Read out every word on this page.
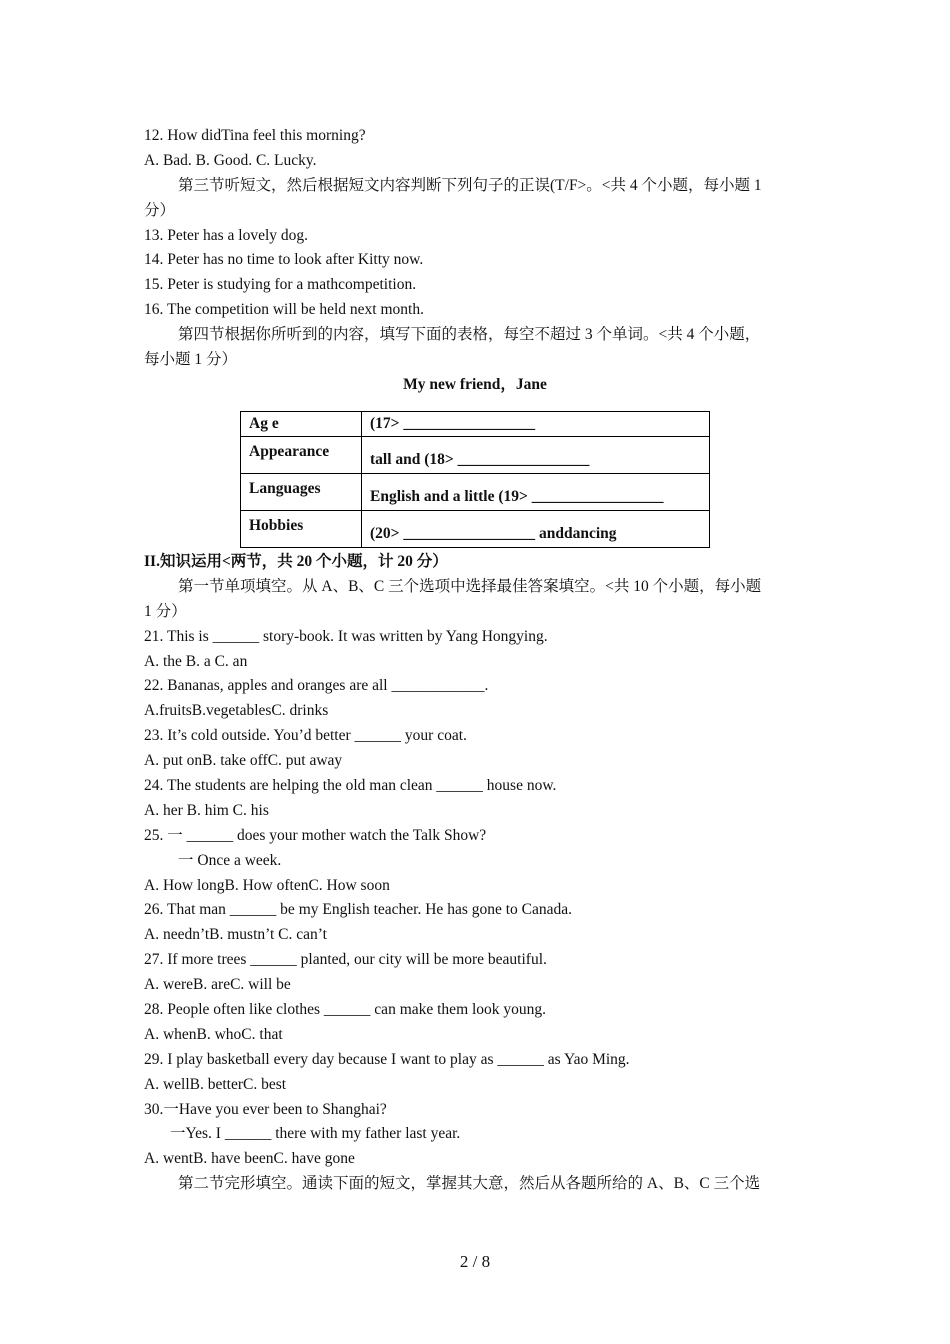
12. How didTina feel this morning?
A. Bad. B. Good. C. Lucky.
第三节听短文，然后根据短文内容判断下列句子的正误(T/F>。<共 4 个小题，每小题 1
分）
13. Peter has a lovely dog.
14. Peter has no time to look after Kitty now.
15. Peter is studying for a mathcompetition.
16. The competition will be held next month.
第四节根据你所听到的内容，填写下面的表格，每空不超过 3 个单词。<共 4 个小题，
每小题 1 分）
My new friend，Jane
Ag e	(17> _________________

Appearance	tall and (18> _________________

Languages	English and a little (19> _________________

Hobbies	(20> _________________ anddancing
II.知识运用<两节，共 20 个小题，计 20 分）
第一节单项填空。从 A、B、C 三个选项中选择最佳答案填空。<共 10 个小题，每小题
1 分）
21. This is ______ story-book. It was written by Yang Hongying.
A. the B. a C. an
22. Bananas, apples and oranges are all ____________.
A.fruitsB.vegetablesC. drinks
23. It’s cold outside. You’d better ______ your coat.
A. put onB. take offC. put away
24. The students are helping the old man clean ______ house now.
A. her B. him C. his
25. 一 ______ does your mother watch the Talk Show?
一 Once a week.
A. How longB. How oftenC. How soon
26. That man ______ be my English teacher. He has gone to Canada.
A. needn’tB. mustn’t C. can’t
27. If more trees ______ planted, our city will be more beautiful.
A. wereB. areC. will be
28. People often like clothes ______ can make them look young.
A. whenB. whoC. that
29. I play basketball every day because I want to play as ______ as Yao Ming.
A. wellB. betterC. best
30.一Have you ever been to Shanghai?
一Yes. I ______ there with my father last year.
A. wentB. have beenC. have gone
第二节完形填空。通读下面的短文，掌握其大意，然后从各题所给的 A、B、C 三个选
2 / 8
